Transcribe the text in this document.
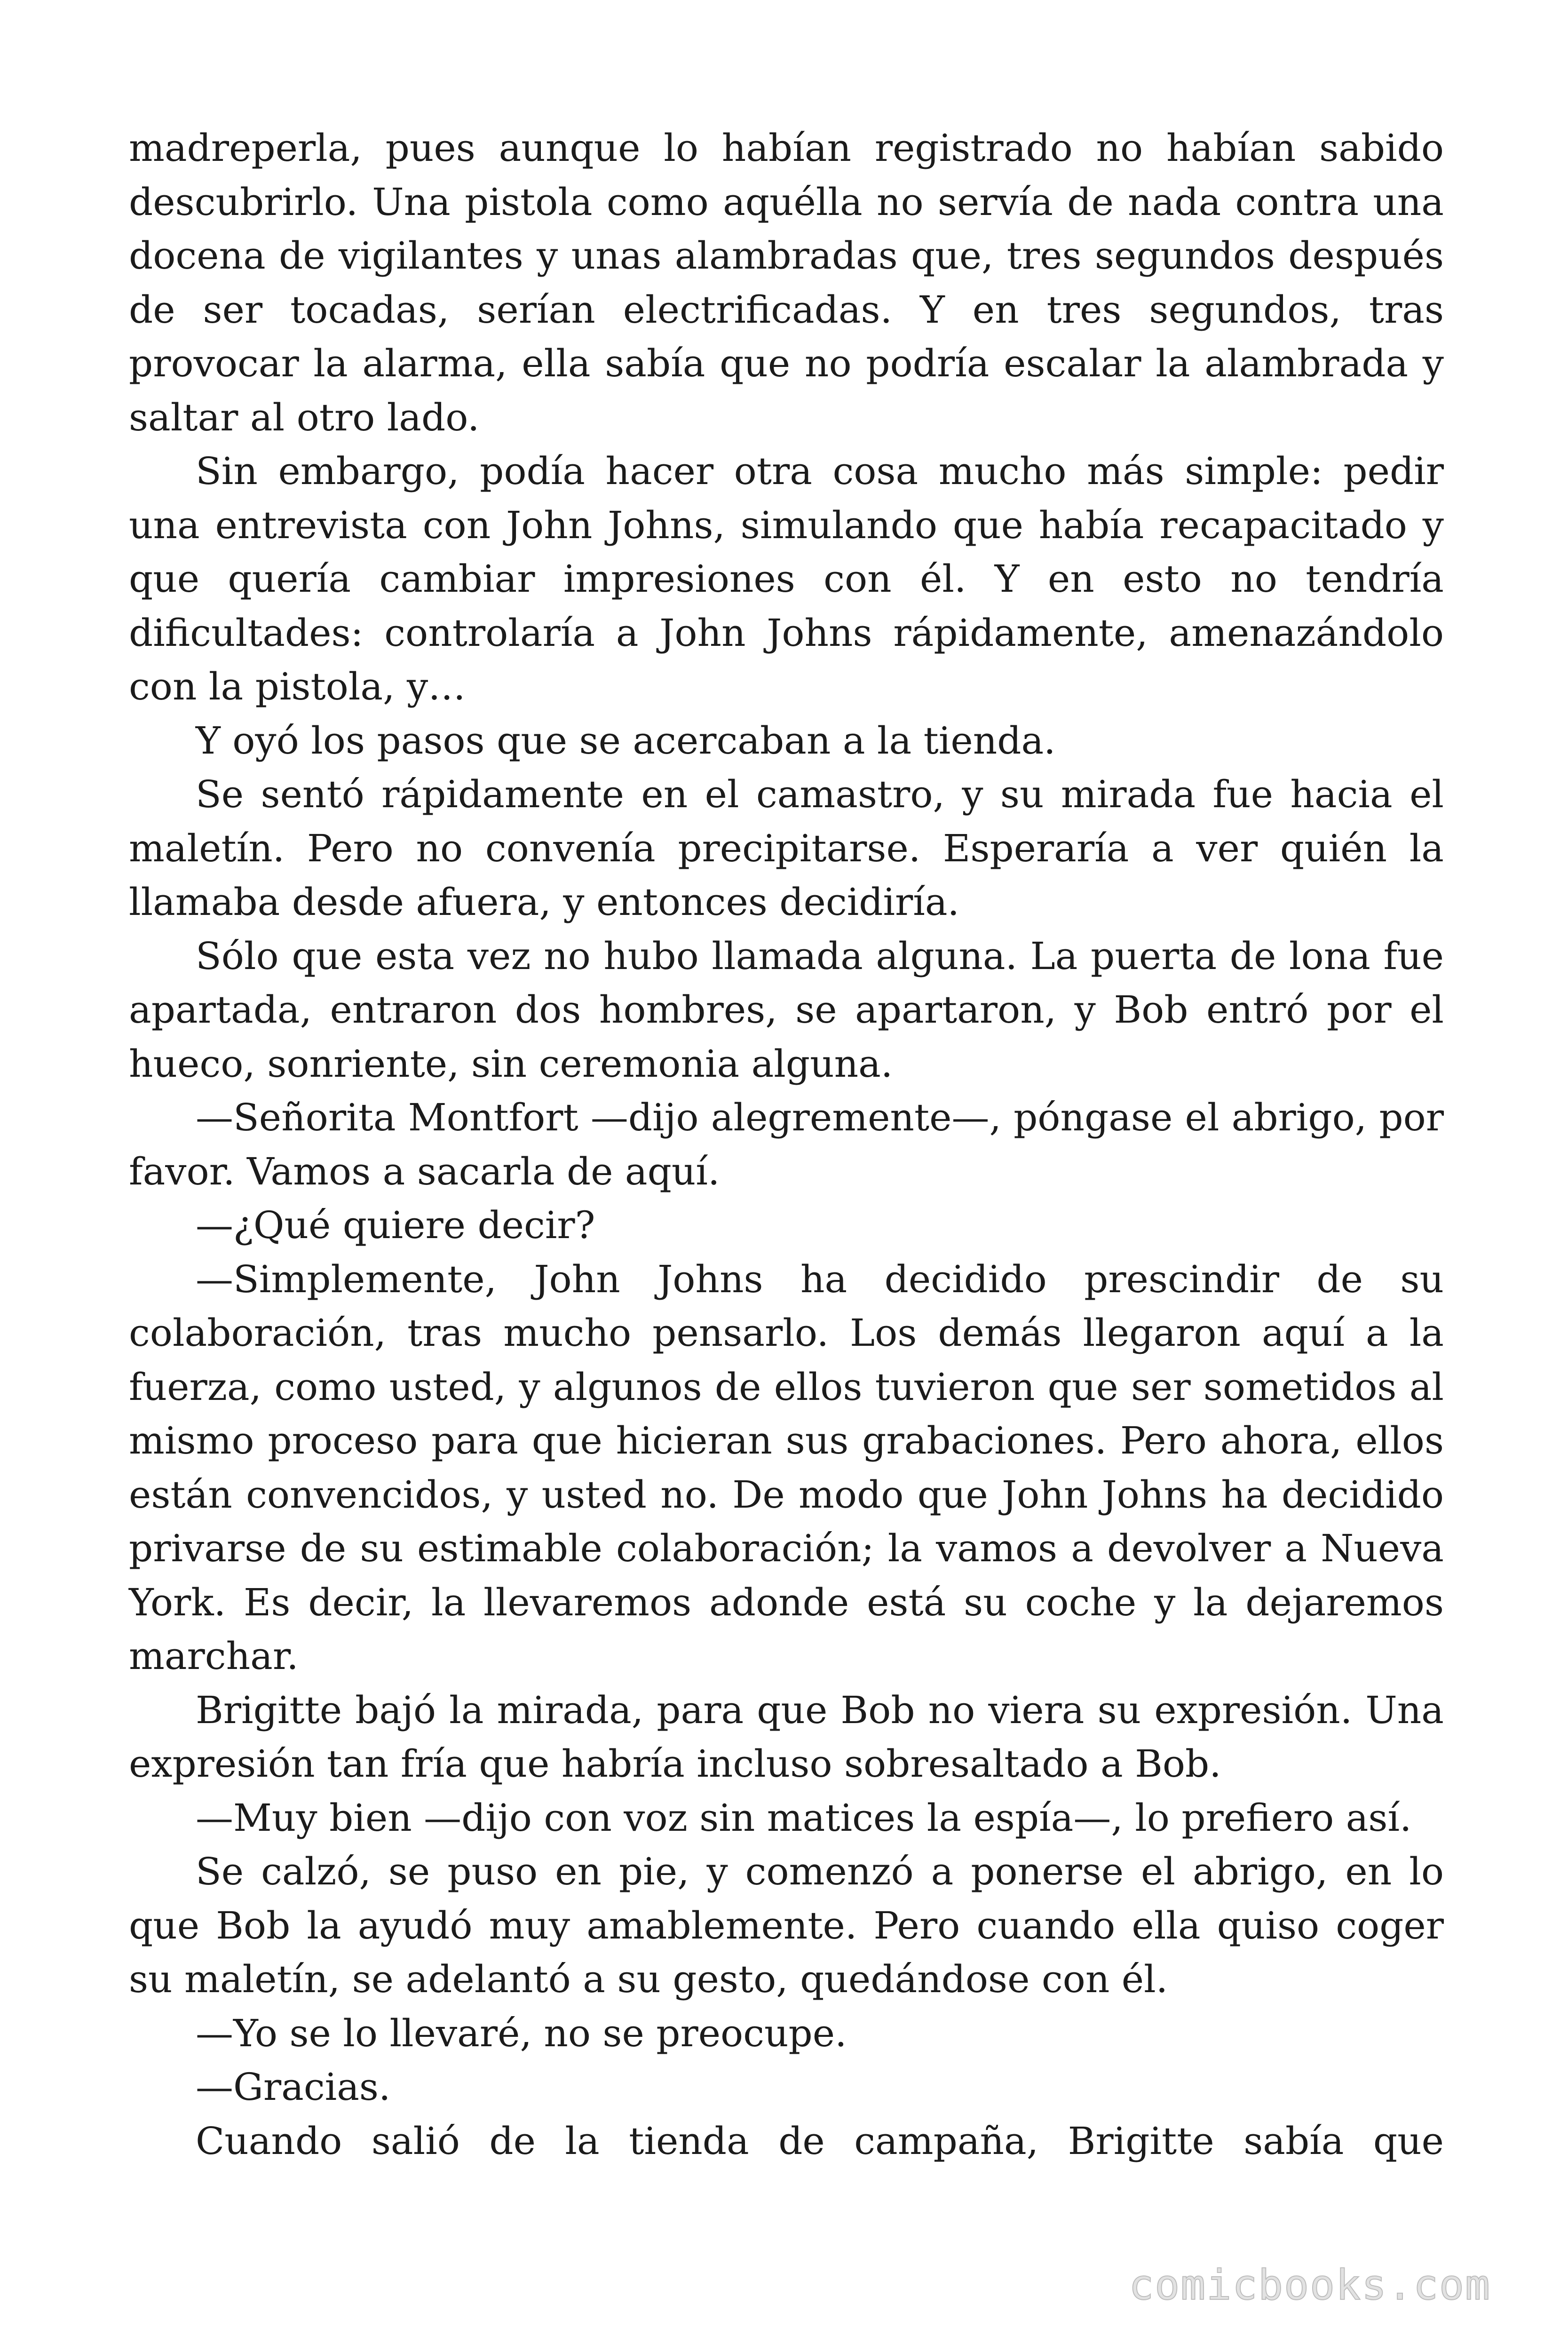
madreperla, pues aunque lo habían registrado no habían sabido descubrirlo. Una pistola como aquélla no servía de nada contra una docena de vigilantes y unas alambradas que, tres segundos después de ser tocadas, serían electrificadas. Y en tres segundos, tras provocar la alarma, ella sabía que no podría escalar la alambrada y saltar al otro lado.

Sin embargo, podía hacer otra cosa mucho más simple: pedir una entrevista con John Johns, simulando que había recapacitado y que quería cambiar impresiones con él. Y en esto no tendría dificultades: controlaría a John Johns rápidamente, amenazándolo con la pistola, y…

Y oyó los pasos que se acercaban a la tienda.

Se sentó rápidamente en el camastro, y su mirada fue hacia el maletín. Pero no convenía precipitarse. Esperaría a ver quién la llamaba desde afuera, y entonces decidiría.

Sólo que esta vez no hubo llamada alguna. La puerta de lona fue apartada, entraron dos hombres, se apartaron, y Bob entró por el hueco, sonriente, sin ceremonia alguna.

—Señorita Montfort —dijo alegremente—, póngase el abrigo, por favor. Vamos a sacarla de aquí.

—¿Qué quiere decir?

—Simplemente, John Johns ha decidido prescindir de su colaboración, tras mucho pensarlo. Los demás llegaron aquí a la fuerza, como usted, y algunos de ellos tuvieron que ser sometidos al mismo proceso para que hicieran sus grabaciones. Pero ahora, ellos están convencidos, y usted no. De modo que John Johns ha decidido privarse de su estimable colaboración; la vamos a devolver a Nueva York. Es decir, la llevaremos adonde está su coche y la dejaremos marchar.

Brigitte bajó la mirada, para que Bob no viera su expresión. Una expresión tan fría que habría incluso sobresaltado a Bob.

—Muy bien —dijo con voz sin matices la espía—, lo prefiero así.

Se calzó, se puso en pie, y comenzó a ponerse el abrigo, en lo que Bob la ayudó muy amablemente. Pero cuando ella quiso coger su maletín, se adelantó a su gesto, quedándose con él.

—Yo se lo llevaré, no se preocupe.

—Gracias.

Cuando salió de la tienda de campaña, Brigitte sabía que

comicbooks.com
